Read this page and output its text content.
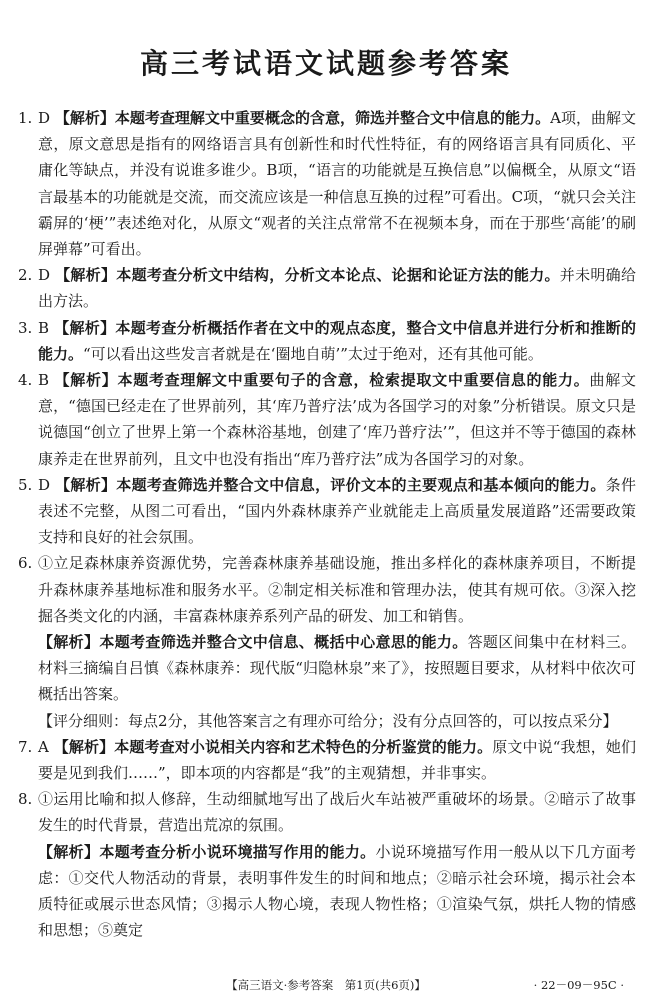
高三考试语文试题参考答案
1. D 【解析】本题考查理解文中重要概念的含意，筛选并整合文中信息的能力。A项，曲解文意，原文意思是指有的网络语言具有创新性和时代性特征，有的网络语言具有同质化、平庸化等缺点，并没有说谁多谁少。B项，“语言的功能就是互换信息”以偏概全，从原文“语言最基本的功能就是交流，而交流应该是一种信息互换的过程”可看出。C项，“就只会关注霸屏的‘梗’”表述绝对化，从原文“观者的关注点常常不在视频本身，而在于那些‘高能’的刷屏弹幕”可看出。
2. D 【解析】本题考查分析文中结构，分析文本论点、论据和论证方法的能力。并未明确给出方法。
3. B 【解析】本题考查分析概括作者在文中的观点态度，整合文中信息并进行分析和推断的能力。“可以看出这些发言者就是在‘圈地自萌’”太过于绝对，还有其他可能。
4. B 【解析】本题考查理解文中重要句子的含意，检索提取文中重要信息的能力。曲解文意，“德国已经走在了世界前列，其‘库乃普疗法’成为各国学习的对象”分析错误。原文只是说德国“创立了世界上第一个森林浴基地，创建了‘库乃普疗法’”，但这并不等于德国的森林康养走在世界前列，且文中也没有指出“库乃普疗法”成为各国学习的对象。
5. D 【解析】本题考查筛选并整合文中信息，评价文本的主要观点和基本倾向的能力。条件表述不完整，从图二可看出，“国内外森林康养产业就能走上高质量发展道路”还需要政策支持和良好的社会氛围。
6. ①立足森林康养资源优势，完善森林康养基础设施，推出多样化的森林康养项目，不断提升森林康养基地标准和服务水平。②制定相关标准和管理办法，使其有规可依。③深入挖掘各类文化的内涵，丰富森林康养系列产品的研发、加工和销售。
【解析】本题考查筛选并整合文中信息、概括中心意思的能力。答题区间集中在材料三。材料三摘编自吕慎《森林康养：现代版“归隐林泉”来了》，按照题目要求，从材料中依次可概括出答案。
【评分细则：每点2分，其他答案言之有理亦可给分；没有分点回答的，可以按点采分】
7. A 【解析】本题考查对小说相关内容和艺术特色的分析鉴赏的能力。原文中说“我想，她们要是见到我们……”，即本项的内容都是“我”的主观猜想，并非事实。
8. ①运用比喻和拟人修辞，生动细腻地写出了战后火车站被严重破坏的场景。②暗示了故事发生的时代背景，营造出荒凉的氛围。
【解析】本题考查分析小说环境描写作用的能力。小说环境描写作用一般从以下几方面考虑：①交代人物活动的背景，表明事件发生的时间和地点；②暗示社会环境，揭示社会本质特征或展示世态风情；③揭示人物心境，表现人物性格；①渲染气氛，烘托人物的情感和思想；⑤奠定
【高三语文·参考答案　第1页(共6页)】	· 22－09－95C ·
